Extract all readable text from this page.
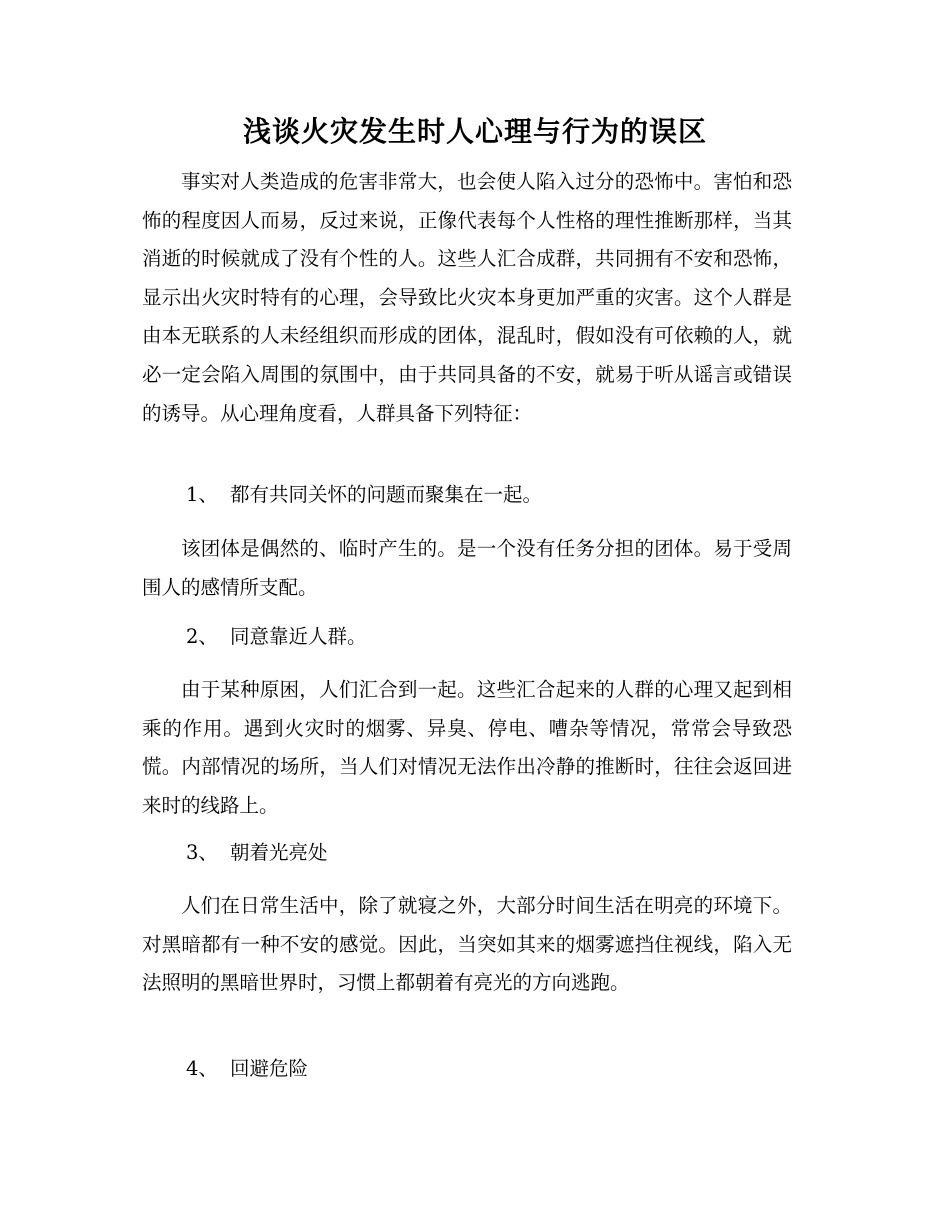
浅谈火灾发生时人心理与行为的误区

事实对人类造成的危害非常大，也会使人陷入过分的恐怖中。害怕和恐怖的程度因人而易，反过来说，正像代表每个人性格的理性推断那样，当其消逝的时候就成了没有个性的人。这些人汇合成群，共同拥有不安和恐怖，显示出火灾时特有的心理，会导致比火灾本身更加严重的灾害。这个人群是由本无联系的人未经组织而形成的团体，混乱时，假如没有可依赖的人，就必一定会陷入周围的氛围中，由于共同具备的不安，就易于听从谣言或错误的诱导。从心理角度看，人群具备下列特征：

1、 都有共同关怀的问题而聚集在一起。

该团体是偶然的、临时产生的。是一个没有任务分担的团体。易于受周围人的感情所支配。

2、 同意靠近人群。

由于某种原困，人们汇合到一起。这些汇合起来的人群的心理又起到相乘的作用。遇到火灾时的烟雾、异臭、停电、嘈杂等情况，常常会导致恐慌。内部情况的场所，当人们对情况无法作出冷静的推断时，往往会返回进来时的线路上。

3、 朝着光亮处

人们在日常生活中，除了就寝之外，大部分时间生活在明亮的环境下。对黑暗都有一种不安的感觉。因此，当突如其来的烟雾遮挡住视线，陷入无法照明的黑暗世界时，习惯上都朝着有亮光的方向逃跑。

4、 回避危险
